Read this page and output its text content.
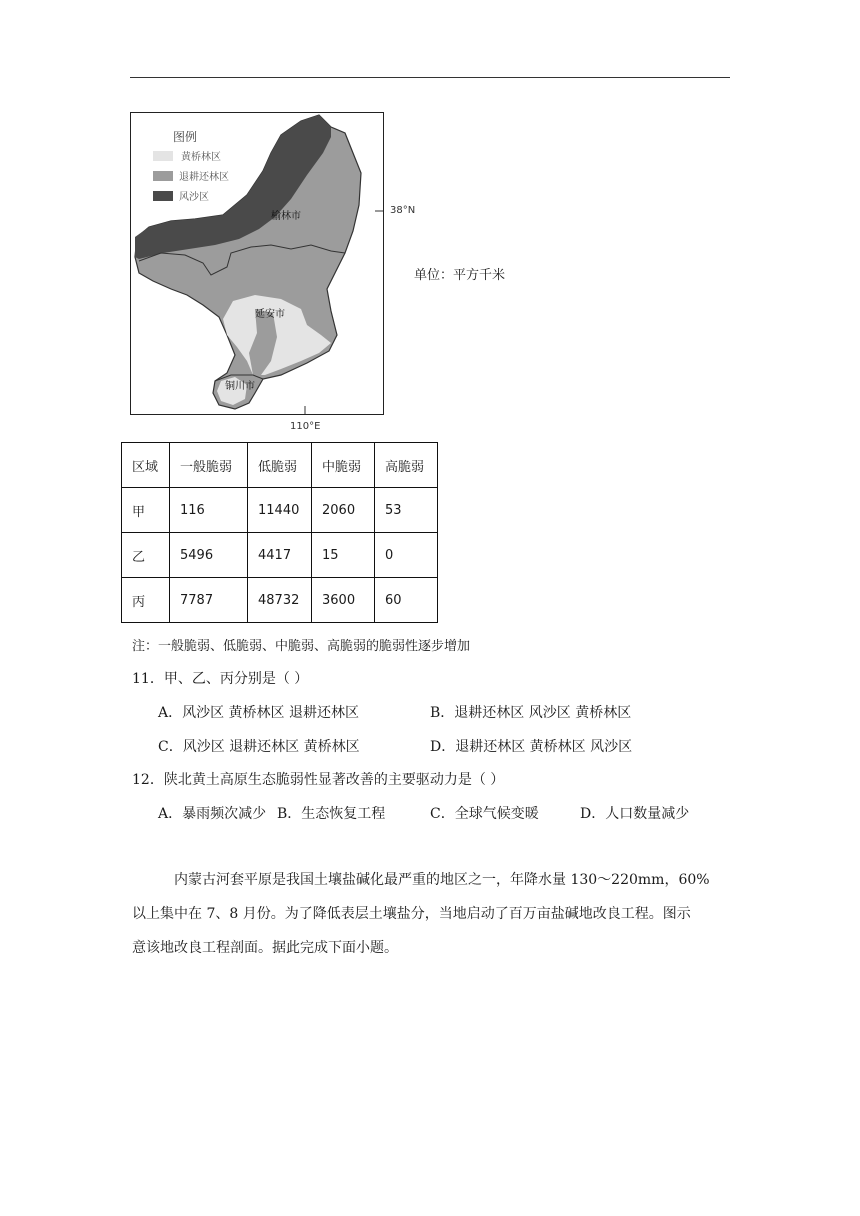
图例
黄桥林区
退耕还林区
风沙区
榆林市
延安市
铜川市
38°N
110°E
单位：平方千米
区域	一般脆弱	低脆弱	中脆弱	高脆弱
甲	116	11440	2060	53
乙	5496	4417	15	0
丙	7787	48732	3600	60
注：一般脆弱、低脆弱、中脆弱、高脆弱的脆弱性逐步增加
11．甲、乙、丙分别是（ ）
A．风沙区 黄桥林区 退耕还林区	B．退耕还林区 风沙区 黄桥林区
C．风沙区 退耕还林区 黄桥林区	D．退耕还林区 黄桥林区 风沙区
12．陕北黄土高原生态脆弱性显著改善的主要驱动力是（ ）
A．暴雨频次减少 B．生态恢复工程	C．全球气候变暖	D．人口数量减少
内蒙古河套平原是我国土壤盐碱化最严重的地区之一，年降水量 130～220mm，60%
以上集中在 7、8 月份。为了降低表层土壤盐分，当地启动了百万亩盐碱地改良工程。图示
意该地改良工程剖面。据此完成下面小题。
